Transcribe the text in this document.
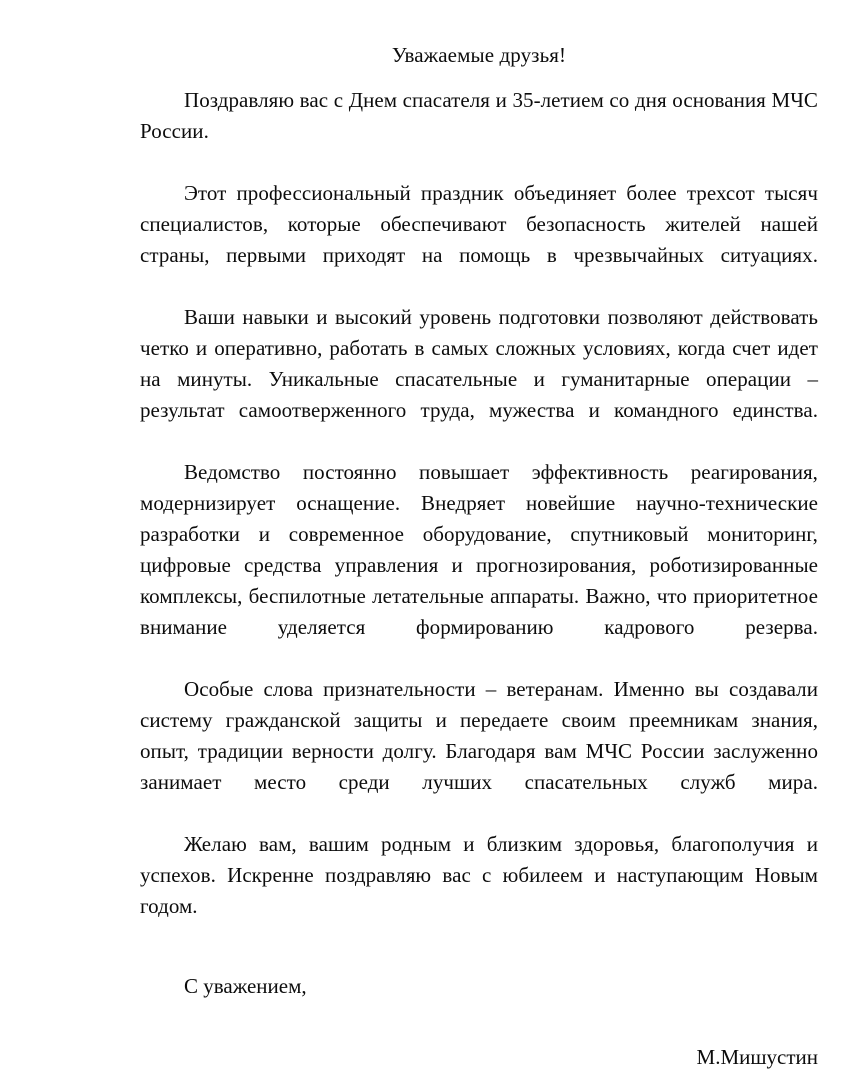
Уважаемые друзья!

Поздравляю вас с Днем спасателя и 35-летием со дня основания МЧС России.

Этот профессиональный праздник объединяет более трехсот тысяч специалистов, которые обеспечивают безопасность жителей нашей страны, первыми приходят на помощь в чрезвычайных ситуациях.

Ваши навыки и высокий уровень подготовки позволяют действовать четко и оперативно, работать в самых сложных условиях, когда счет идет на минуты. Уникальные спасательные и гуманитарные операции – результат самоотверженного труда, мужества и командного единства.

Ведомство постоянно повышает эффективность реагирования, модернизирует оснащение. Внедряет новейшие научно-технические разработки и современное оборудование, спутниковый мониторинг, цифровые средства управления и прогнозирования, роботизированные комплексы, беспилотные летательные аппараты. Важно, что приоритетное внимание уделяется формированию кадрового резерва.

Особые слова признательности – ветеранам. Именно вы создавали систему гражданской защиты и передаете своим преемникам знания, опыт, традиции верности долгу. Благодаря вам МЧС России заслуженно занимает место среди лучших спасательных служб мира.

Желаю вам, вашим родным и близким здоровья, благополучия и успехов. Искренне поздравляю вас с юбилеем и наступающим Новым годом.

С уважением,

М.Мишустин
